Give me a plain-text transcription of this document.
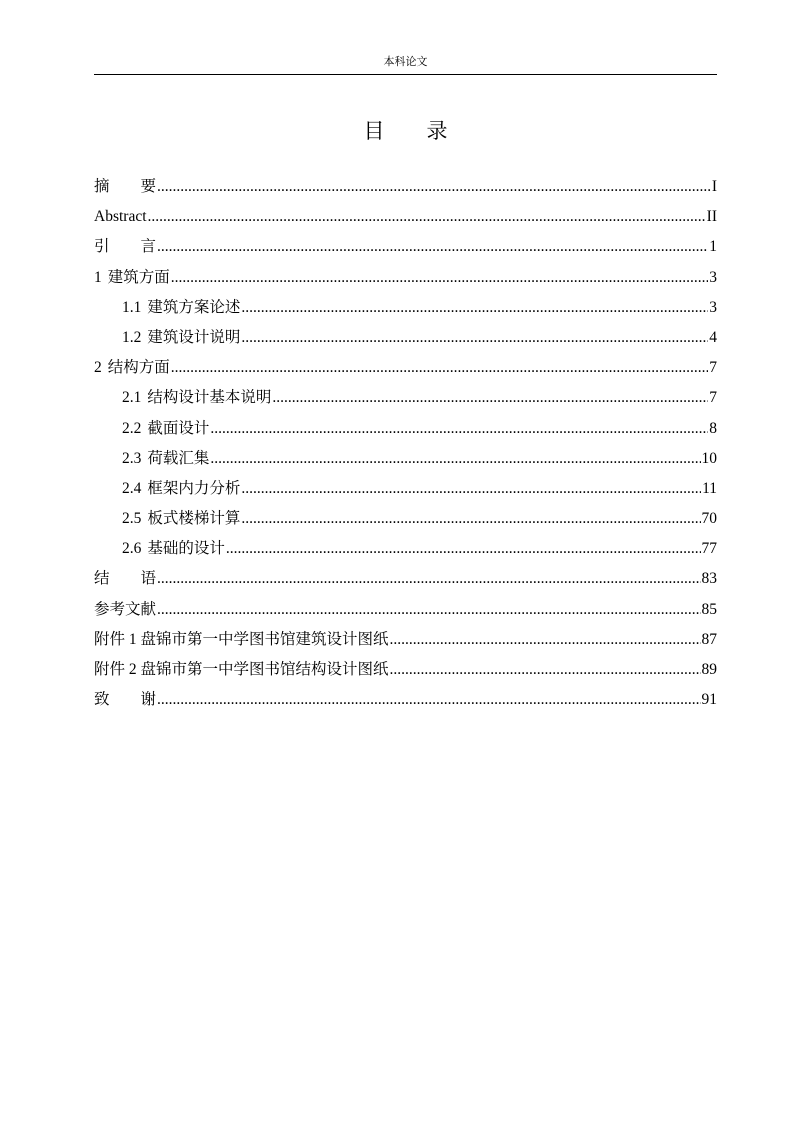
本科论文
目 录
摘　　要 .....	I
Abstract .....	II
引　　言 .....	1
1 建筑方面 .....	3
1.1 建筑方案论述 .....	3
1.2 建筑设计说明 .....	4
2 结构方面 .....	7
2.1 结构设计基本说明 .....	7
2.2 截面设计 .....	8
2.3 荷载汇集 .....	10
2.4 框架内力分析 .....	11
2.5 板式楼梯计算 .....	70
2.6 基础的设计 .....	77
结　　语 .....	83
参考文献 .....	85
附件 1 盘锦市第一中学图书馆建筑设计图纸 .....	87
附件 2 盘锦市第一中学图书馆结构设计图纸 .....	89
致　　谢 .....	91
